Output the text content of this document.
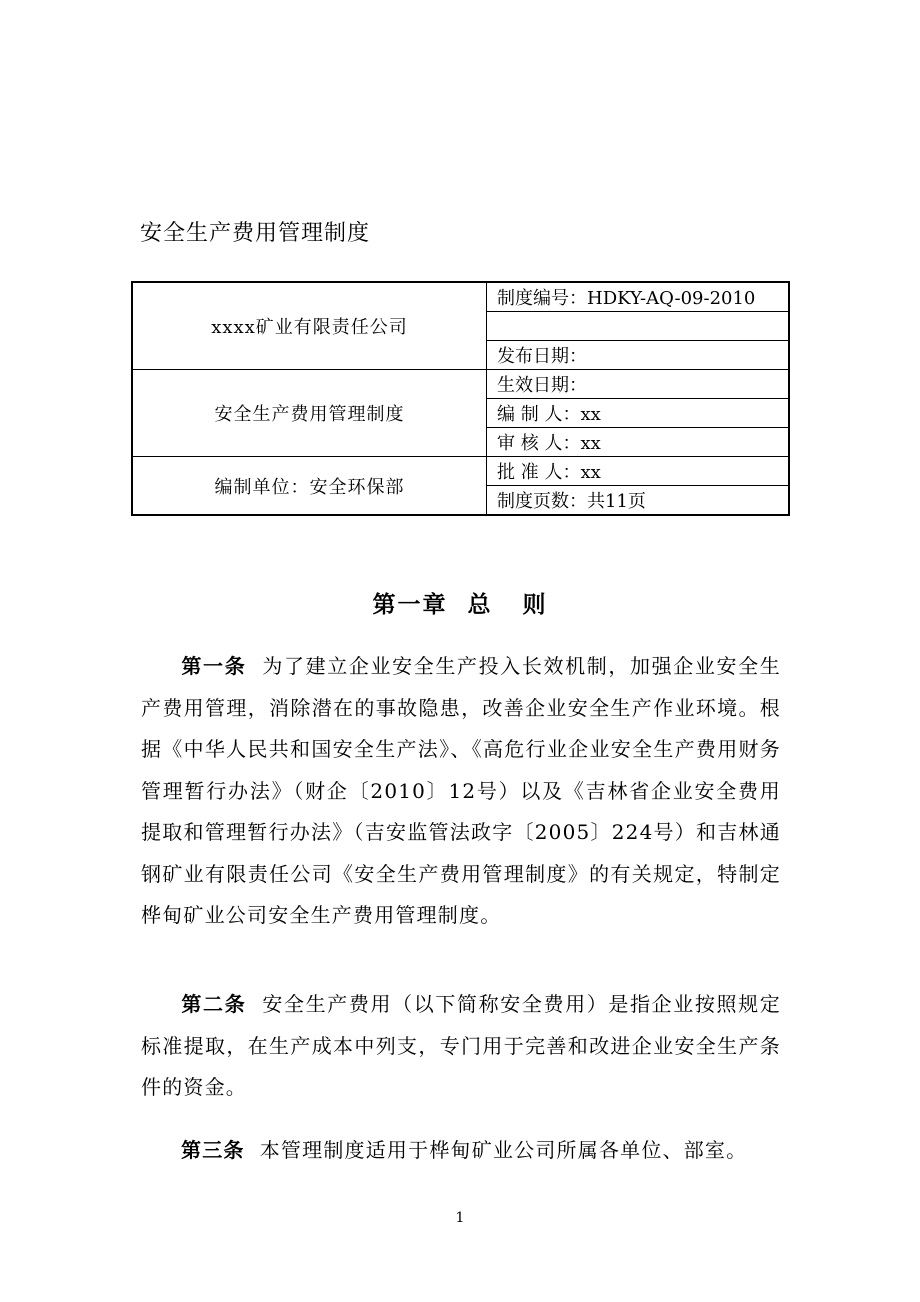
安全生产费用管理制度
xxxx矿业有限责任公司	制度编号：HDKY-AQ-09-2010

	发布日期：
安全生产费用管理制度	生效日期：
	编 制 人：xx
	审 核 人：xx
编制单位：安全环保部	批 准 人：xx
	制度页数：共11页
第一章  总   则
第一条 为了建立企业安全生产投入长效机制，加强企业安全生产费用管理，消除潜在的事故隐患，改善企业安全生产作业环境。根据《中华人民共和国安全生产法》、《高危行业企业安全生产费用财务管理暂行办法》（财企〔2010〕12号）以及《吉林省企业安全费用提取和管理暂行办法》（吉安监管法政字〔2005〕224号）和吉林通钢矿业有限责任公司《安全生产费用管理制度》的有关规定，特制定桦甸矿业公司安全生产费用管理制度。
第二条 安全生产费用（以下简称安全费用）是指企业按照规定标准提取，在生产成本中列支，专门用于完善和改进企业安全生产条件的资金。
第三条 本管理制度适用于桦甸矿业公司所属各单位、部室。
1
